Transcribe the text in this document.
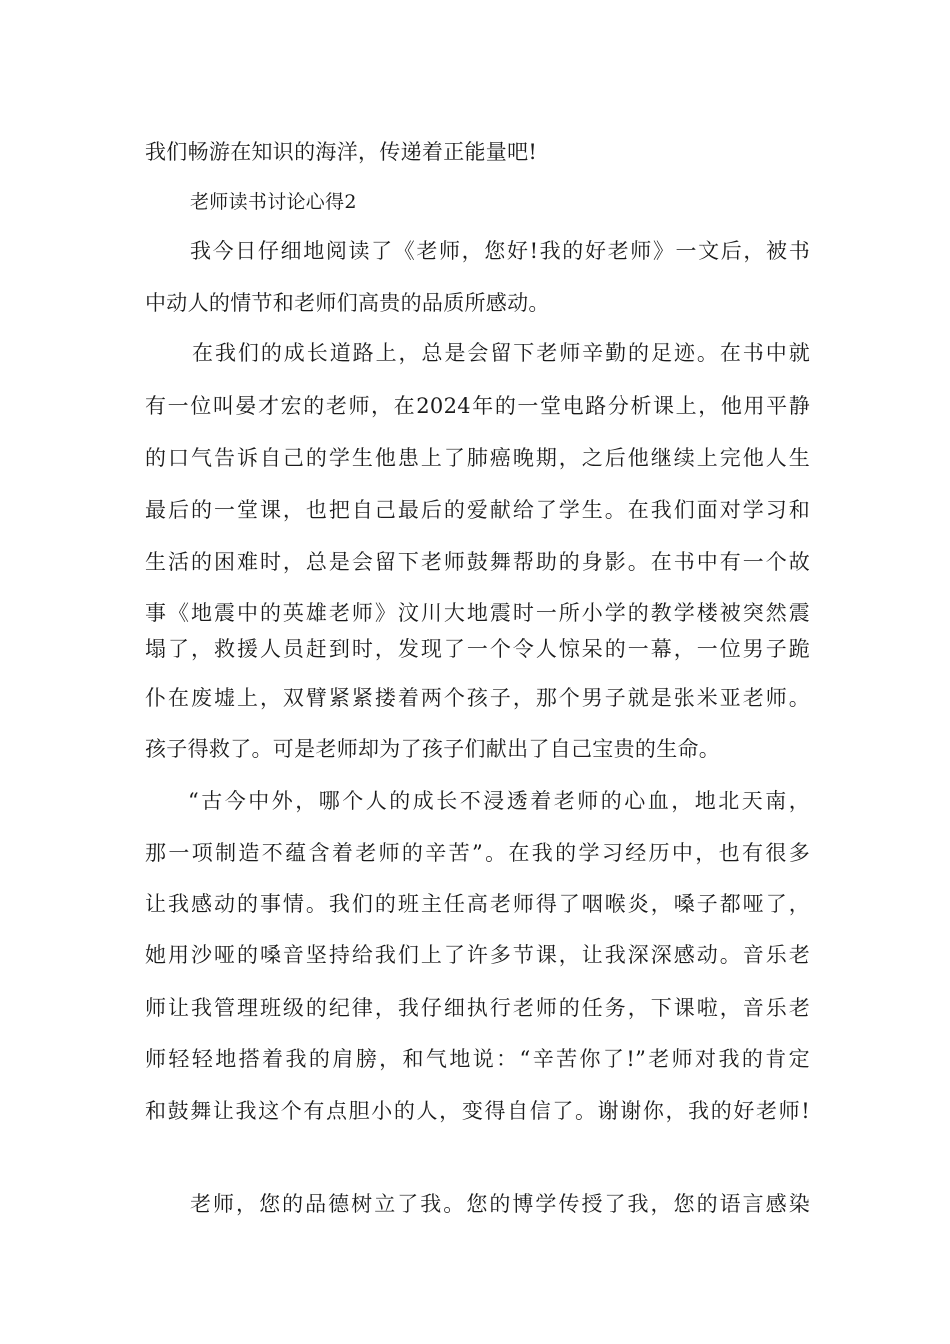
我们畅游在知识的海洋，传递着正能量吧!
老师读书讨论心得2
我今日仔细地阅读了《老师，您好!我的好老师》一文后，被书
中动人的情节和老师们高贵的品质所感动。
在我们的成长道路上，总是会留下老师辛勤的足迹。在书中就
有一位叫晏才宏的老师，在2024年的一堂电路分析课上，他用平静
的口气告诉自己的学生他患上了肺癌晚期，之后他继续上完他人生
最后的一堂课，也把自己最后的爱献给了学生。在我们面对学习和
生活的困难时，总是会留下老师鼓舞帮助的身影。在书中有一个故
事《地震中的英雄老师》汶川大地震时一所小学的教学楼被突然震
塌了，救援人员赶到时，发现了一个令人惊呆的一幕，一位男子跪
仆在废墟上，双臂紧紧搂着两个孩子，那个男子就是张米亚老师。
孩子得救了。可是老师却为了孩子们献出了自己宝贵的生命。
“古今中外，哪个人的成长不浸透着老师的心血，地北天南，
那一项制造不蕴含着老师的辛苦”。在我的学习经历中，也有很多
让我感动的事情。我们的班主任高老师得了咽喉炎，嗓子都哑了，
她用沙哑的嗓音坚持给我们上了许多节课，让我深深感动。音乐老
师让我管理班级的纪律，我仔细执行老师的任务，下课啦，音乐老
师轻轻地搭着我的肩膀，和气地说：“辛苦你了!”老师对我的肯定
和鼓舞让我这个有点胆小的人，变得自信了。谢谢你，我的好老师!
老师，您的品德树立了我。您的博学传授了我，您的语言感染
